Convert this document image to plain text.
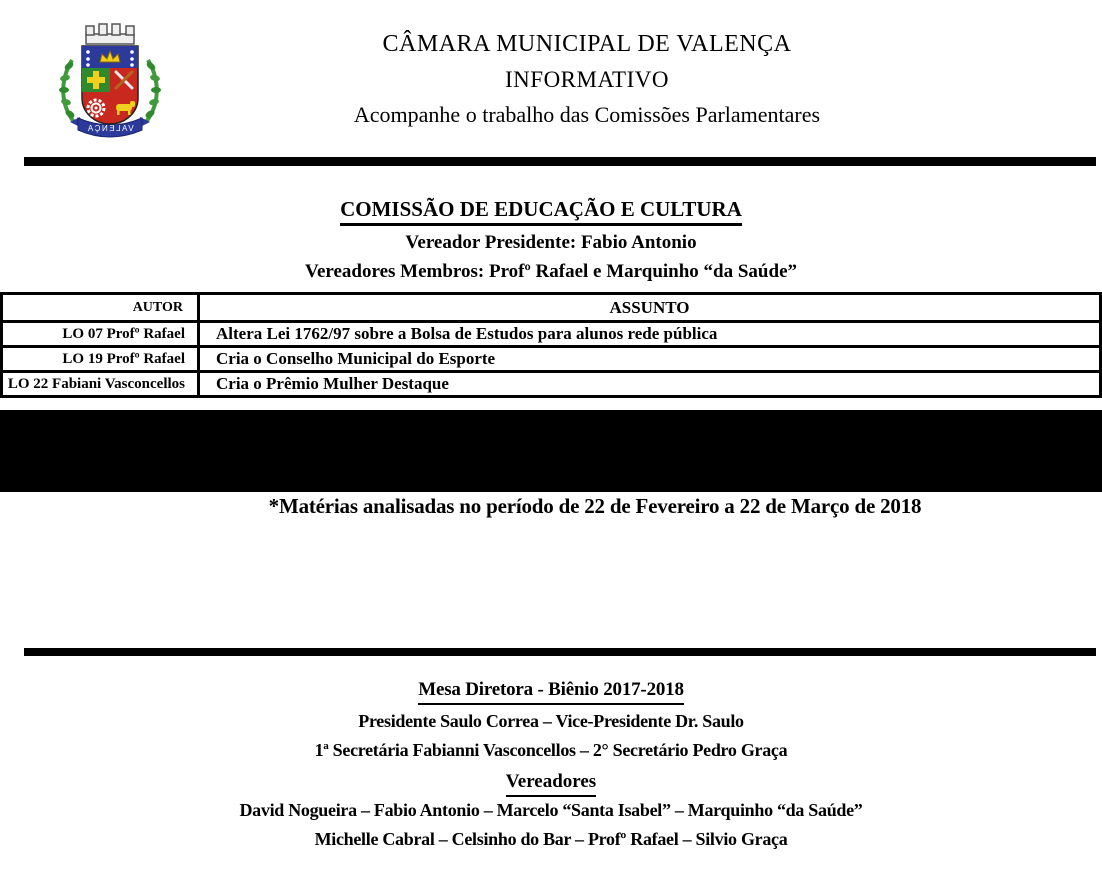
VALENÇA
CÂMARA MUNICIPAL DE VALENÇA
INFORMATIVO
Acompanhe o trabalho das Comissões Parlamentares
COMISSÃO DE EDUCAÇÃO E CULTURA
Vereador Presidente: Fabio Antonio
Vereadores Membros: Profº Rafael e Marquinho “da Saúde”
AUTOR	ASSUNTO
LO 07 Profº Rafael	Altera Lei 1762/97 sobre a Bolsa de Estudos para alunos rede pública
LO 19 Profº Rafael	Cria o Conselho Municipal do Esporte
LO 22 Fabiani Vasconcellos	Cria o Prêmio Mulher Destaque
*Matérias analisadas no período de 22 de Fevereiro a 22 de Março de 2018
Mesa Diretora - Biênio 2017-2018
Presidente Saulo Correa – Vice-Presidente Dr. Saulo
1ª Secretária Fabianni Vasconcellos – 2° Secretário Pedro Graça
Vereadores
David Nogueira – Fabio Antonio – Marcelo “Santa Isabel” – Marquinho “da Saúde”
Michelle Cabral – Celsinho do Bar – Profº Rafael – Silvio Graça
